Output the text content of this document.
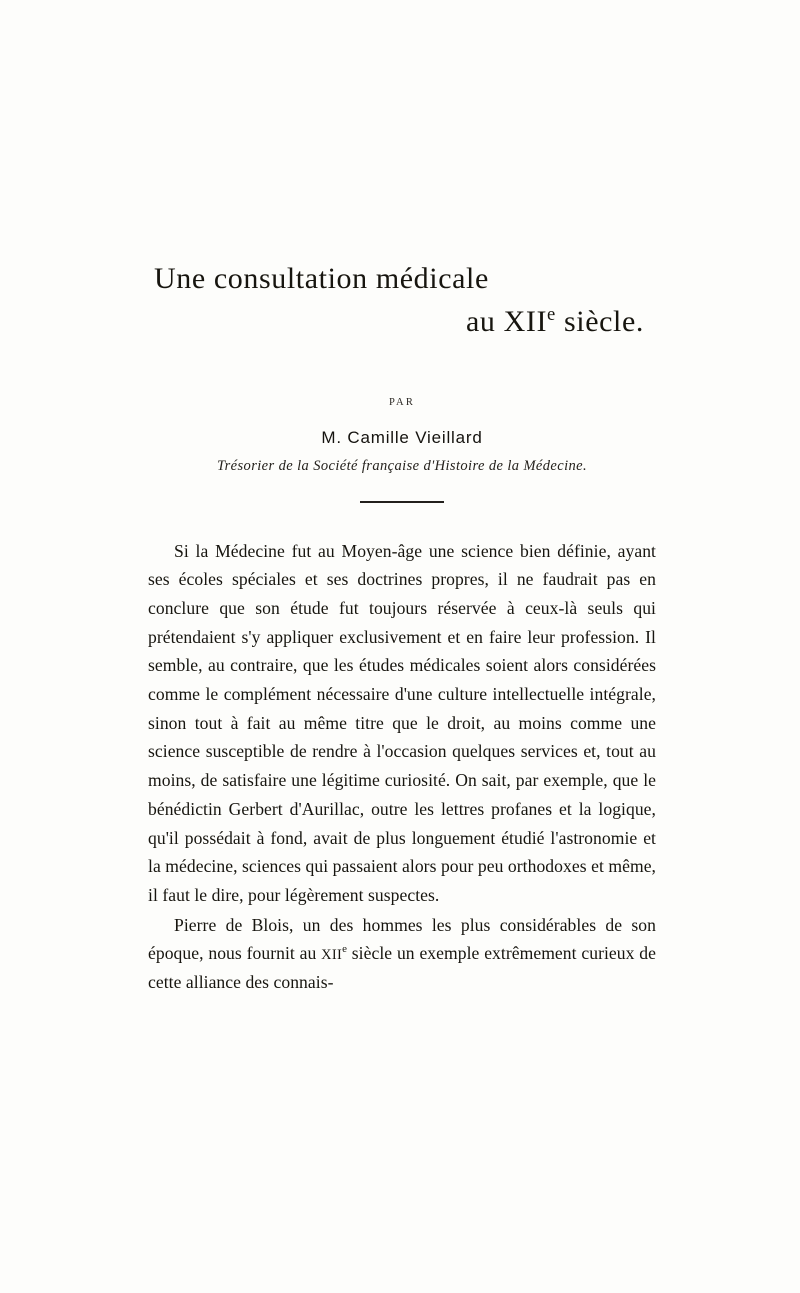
Une consultation médicale
au XIIe siècle.
PAR
M. Camille Vieillard
Trésorier de la Société française d'Histoire de la Médecine.

Si la Médecine fut au Moyen-âge une science bien définie, ayant ses écoles spéciales et ses doctrines propres, il ne faudrait pas en conclure que son étude fut toujours réservée à ceux-là seuls qui prétendaient s'y appliquer exclusivement et en faire leur profession. Il semble, au contraire, que les études médicales soient alors considérées comme le complément nécessaire d'une culture intellectuelle intégrale, sinon tout à fait au même titre que le droit, au moins comme une science susceptible de rendre à l'occasion quelques services et, tout au moins, de satisfaire une légitime curiosité. On sait, par exemple, que le bénédictin Gerbert d'Aurillac, outre les lettres profanes et la logique, qu'il possédait à fond, avait de plus longuement étudié l'astronomie et la médecine, sciences qui passaient alors pour peu orthodoxes et même, il faut le dire, pour légèrement suspectes.

Pierre de Blois, un des hommes les plus considérables de son époque, nous fournit au XIIe siècle un exemple extrêmement curieux de cette alliance des connais-
